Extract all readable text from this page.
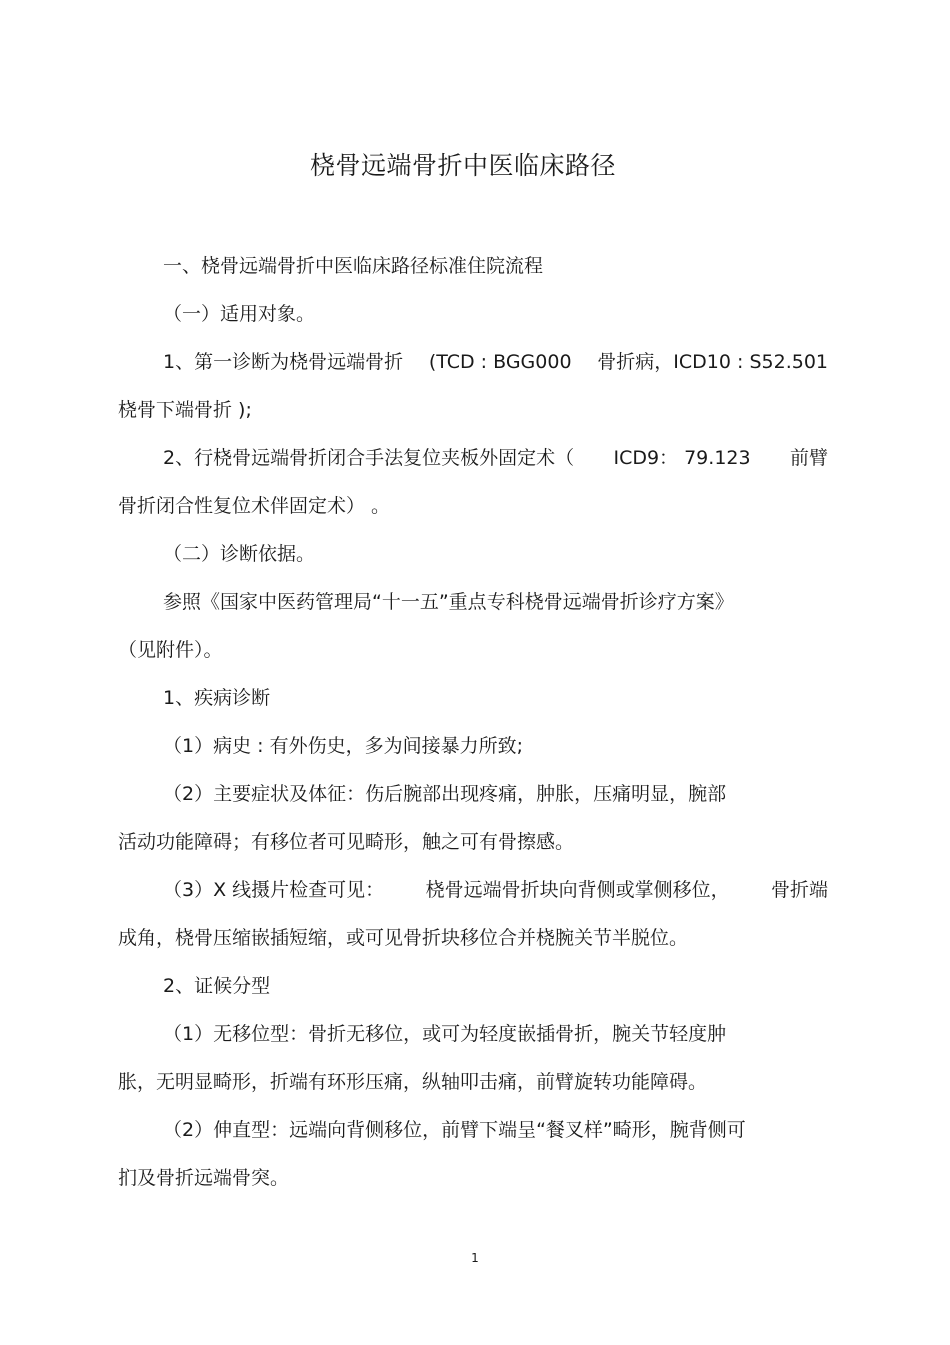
桡骨远端骨折中医临床路径
一、桡骨远端骨折中医临床路径标准住院流程
（一）适用对象。
1、第一诊断为桡骨远端骨折 (TCD : BGG000 骨折病，ICD10 : S52.501
桡骨下端骨折 );
2、行桡骨远端骨折闭合手法复位夹板外固定术（ ICD9： 79.123 前臂
骨折闭合性复位术伴固定术） 。
（二）诊断依据。
参照《国家中医药管理局“十一五”重点专科桡骨远端骨折诊疗方案》
（见附件）。
1、疾病诊断
（1）病史 : 有外伤史，多为间接暴力所致;
（2）主要症状及体征：伤后腕部出现疼痛，肿胀，压痛明显，腕部
活动功能障碍；有移位者可见畸形，触之可有骨擦感。
（3）X 线摄片检查可见： 桡骨远端骨折块向背侧或掌侧移位， 骨折端
成角，桡骨压缩嵌插短缩，或可见骨折块移位合并桡腕关节半脱位。
2、证候分型
（1）无移位型：骨折无移位，或可为轻度嵌插骨折，腕关节轻度肿
胀，无明显畸形，折端有环形压痛，纵轴叩击痛，前臂旋转功能障碍。
（2）伸直型：远端向背侧移位，前臂下端呈“餐叉样”畸形，腕背侧可
扪及骨折远端骨突。
1
